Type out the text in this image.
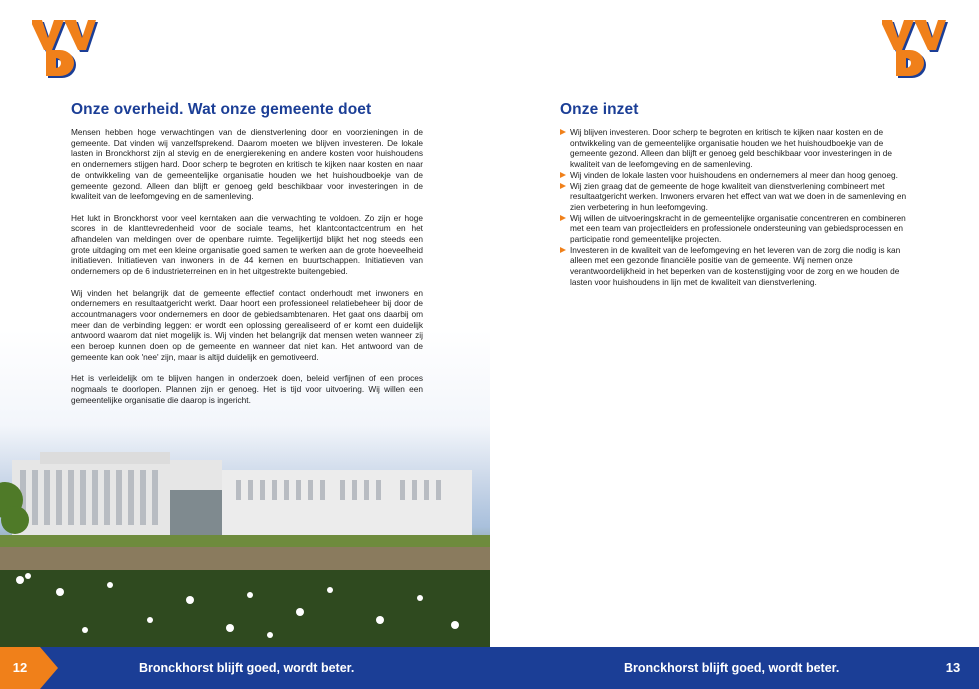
Onze overheid. Wat onze gemeente doet

Mensen hebben hoge verwachtingen van de dienstverlening door en voorzieningen in de gemeente. Dat vinden wij vanzelfsprekend. Daarom moeten we blijven investeren. De lokale lasten in Bronckhorst zijn al stevig en de energierekening en andere kosten voor huishoudens en ondernemers stijgen hard. Door scherp te begroten en kritisch te kijken naar kosten en naar de ontwikkeling van de gemeentelijke organisatie houden we het huishoudboekje van de gemeente gezond. Alleen dan blijft er genoeg geld beschikbaar voor investeringen in de kwaliteit van de leefomgeving en de samenleving.

Het lukt in Bronckhorst voor veel kerntaken aan die verwachting te voldoen. Zo zijn er hoge scores in de klanttevredenheid voor de sociale teams, het klantcontactcentrum en het afhandelen van meldingen over de openbare ruimte. Tegelijkertijd blijkt het nog steeds een grote uitdaging om met een kleine organisatie goed samen te werken aan de grote hoeveelheid initiatieven. Initiatieven van inwoners in de 44 kernen en buurtschappen. Initiatieven van ondernemers op de 6 industrieterreinen en in het uitgestrekte buitengebied.

Wij vinden het belangrijk dat de gemeente effectief contact onderhoudt met inwoners en ondernemers en resultaatgericht werkt. Daar hoort een professioneel relatiebeheer bij door de accountmanagers voor ondernemers en door de gebiedsambtenaren. Het gaat ons daarbij om meer dan de verbinding leggen: er wordt een oplossing gerealiseerd of er komt een duidelijk antwoord waarom dat niet mogelijk is. Wij vinden het belangrijk dat mensen weten wanneer zij een beroep kunnen doen op de gemeente en wanneer dat niet kan. Het antwoord van de gemeente kan ook 'nee' zijn, maar is altijd duidelijk en gemotiveerd.

Het is verleidelijk om te blijven hangen in onderzoek doen, beleid verfijnen of een proces nogmaals te doorlopen. Plannen zijn er genoeg. Het is tijd voor uitvoering. Wij willen een gemeentelijke organisatie die daarop is ingericht.

Onze inzet
Wij blijven investeren. Door scherp te begroten en kritisch te kijken naar kosten en de ontwikkeling van de gemeentelijke organisatie houden we het huishoudboekje van de gemeente gezond. Alleen dan blijft er genoeg geld beschikbaar voor investeringen in de kwaliteit van de leefomgeving en de samenleving.
Wij vinden de lokale lasten voor huishoudens en ondernemers al meer dan hoog genoeg.
Wij zien graag dat de gemeente de hoge kwaliteit van dienstverlening combineert met resultaatgericht werken. Inwoners ervaren het effect van wat we doen in de samenleving en zien verbetering in hun leefomgeving.
Wij willen de uitvoeringskracht in de gemeentelijke organisatie concentreren en combineren met een team van projectleiders en professionele ondersteuning van gebiedsprocessen en participatie rond gemeentelijke projecten.
Investeren in de kwaliteit van de leefomgeving en het leveren van de zorg die nodig is kan alleen met een gezonde financiële positie van de gemeente. Wij nemen onze verantwoordelijkheid in het beperken van de kostenstijging voor de zorg en we houden de lasten voor huishoudens in lijn met de kwaliteit van dienstverlening.
12	Bronckhorst blijft goed, wordt beter.	Bronckhorst blijft goed, wordt beter.	13
